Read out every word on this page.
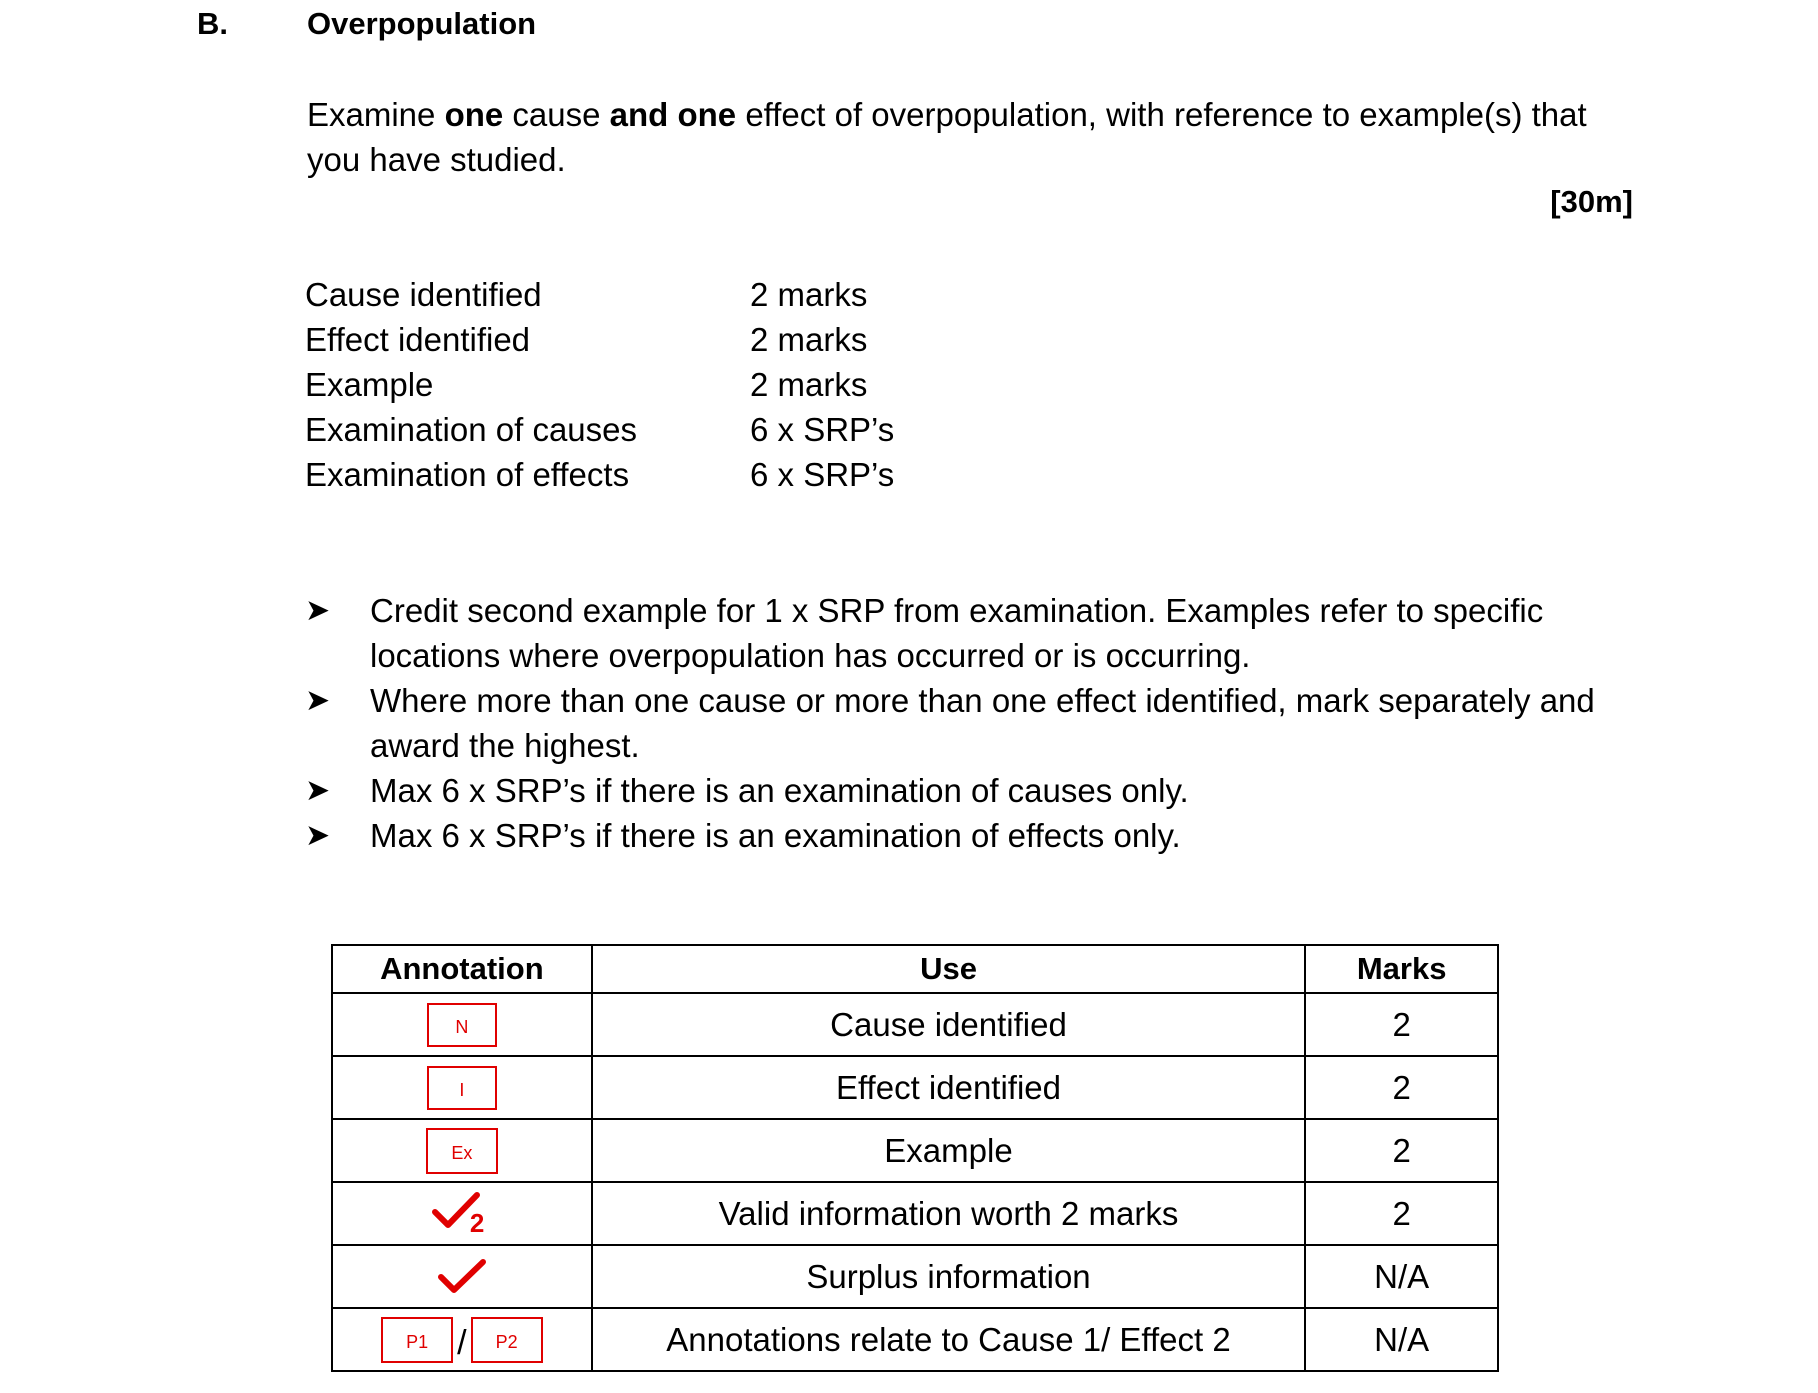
B.	Overpopulation
Examine one cause and one effect of overpopulation, with reference to example(s) that you have studied.
[30m]
Cause identified	2 marks
Effect identified	2 marks
Example	2 marks
Examination of causes	6 x SRP’s
Examination of effects	6 x SRP’s
➤ Credit second example for 1 x SRP from examination. Examples refer to specific locations where overpopulation has occurred or is occurring.
➤ Where more than one cause or more than one effect identified, mark separately and award the highest.
➤ Max 6 x SRP’s if there is an examination of causes only.
➤ Max 6 x SRP’s if there is an examination of effects only.
Annotation	Use	Marks
N	Cause identified	2
I	Effect identified	2
Ex	Example	2

2	Valid information worth 2 marks	2
	Surplus information	N/A
P1 / P2	Annotations relate to Cause 1/ Effect 2	N/A
